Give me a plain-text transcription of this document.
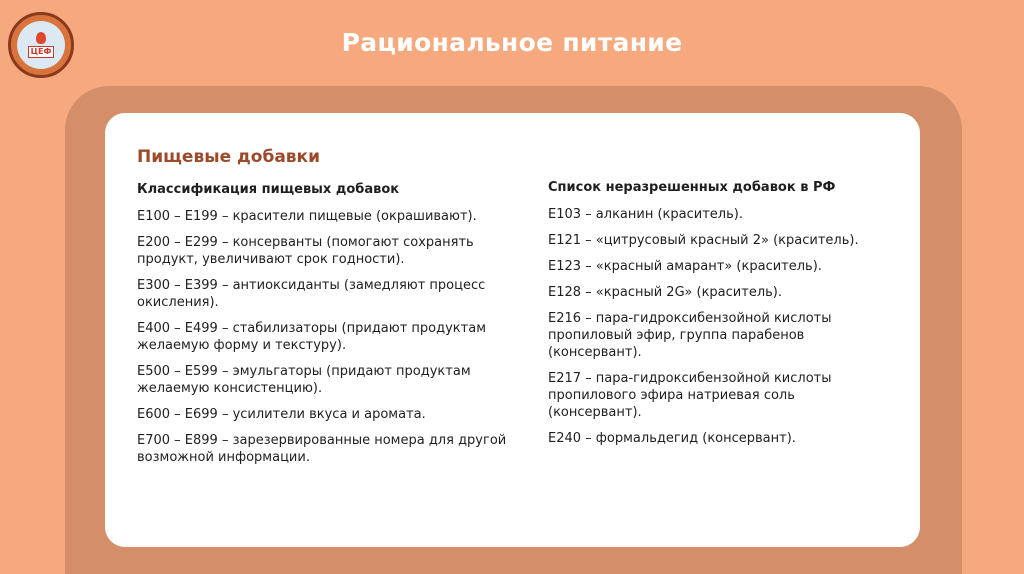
ЦЕФ	Рациональное питание
Пищевые добавки
Классификация пищевых добавок
Е100 – Е199 – красители пищевые (окрашивают).
Е200 – Е299 – консерванты (помогают сохранять продукт, увеличивают срок годности).
Е300 – Е399 – антиоксиданты (замедляют процесс окисления).
Е400 – Е499 – стабилизаторы (придают продуктам желаемую форму и текстуру).
Е500 – Е599 – эмульгаторы (придают продуктам желаемую консистенцию).
Е600 – Е699 – усилители вкуса и аромата.
Е700 – Е899 – зарезервированные номера для другой возможной информации.
Список неразрешенных добавок в РФ
Е103 – алканин (краситель).
Е121 – «цитрусовый красный 2» (краситель).
Е123 – «красный амарант» (краситель).
Е128 – «красный 2G» (краситель).
Е216 – пара-гидроксибензойной кислоты пропиловый эфир, группа парабенов (консервант).
Е217 – пара-гидроксибензойной кислоты пропилового эфира натриевая соль (консервант).
Е240 – формальдегид (консервант).
